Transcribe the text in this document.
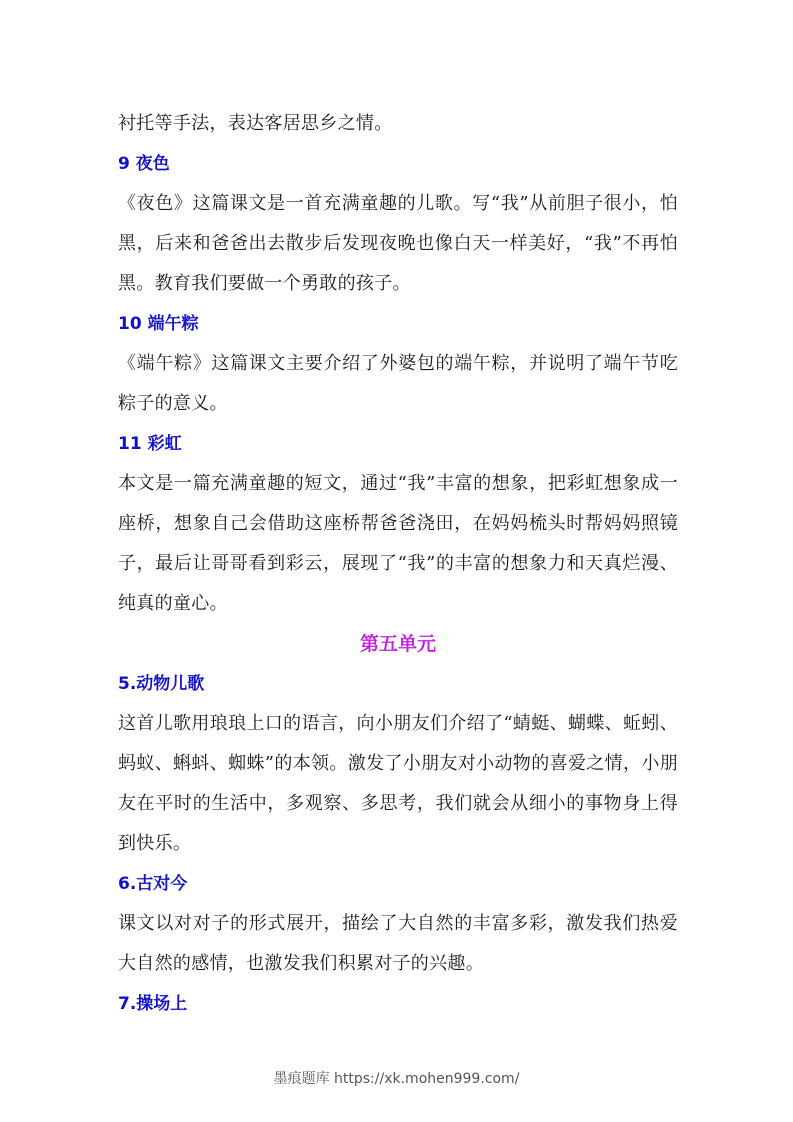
衬托等手法，表达客居思乡之情。
9 夜色
《夜色》这篇课文是一首充满童趣的儿歌。写“我”从前胆子很小，怕黑，后来和爸爸出去散步后发现夜晚也像白天一样美好，“我”不再怕黑。教育我们要做一个勇敢的孩子。
10 端午粽
《端午粽》这篇课文主要介绍了外婆包的端午粽，并说明了端午节吃粽子的意义。
11 彩虹
本文是一篇充满童趣的短文，通过“我”丰富的想象，把彩虹想象成一座桥，想象自己会借助这座桥帮爸爸浇田，在妈妈梳头时帮妈妈照镜子，最后让哥哥看到彩云，展现了“我”的丰富的想象力和天真烂漫、纯真的童心。
第五单元
5.动物儿歌
这首儿歌用琅琅上口的语言，向小朋友们介绍了“蜻蜓、蝴蝶、蚯蚓、蚂蚁、蝌蚪、蜘蛛”的本领。激发了小朋友对小动物的喜爱之情，小朋友在平时的生活中，多观察、多思考，我们就会从细小的事物身上得到快乐。
6.古对今
课文以对对子的形式展开，描绘了大自然的丰富多彩，激发我们热爱大自然的感情，也激发我们积累对子的兴趣。
7.操场上
墨痕题库 https://xk.mohen999.com/
